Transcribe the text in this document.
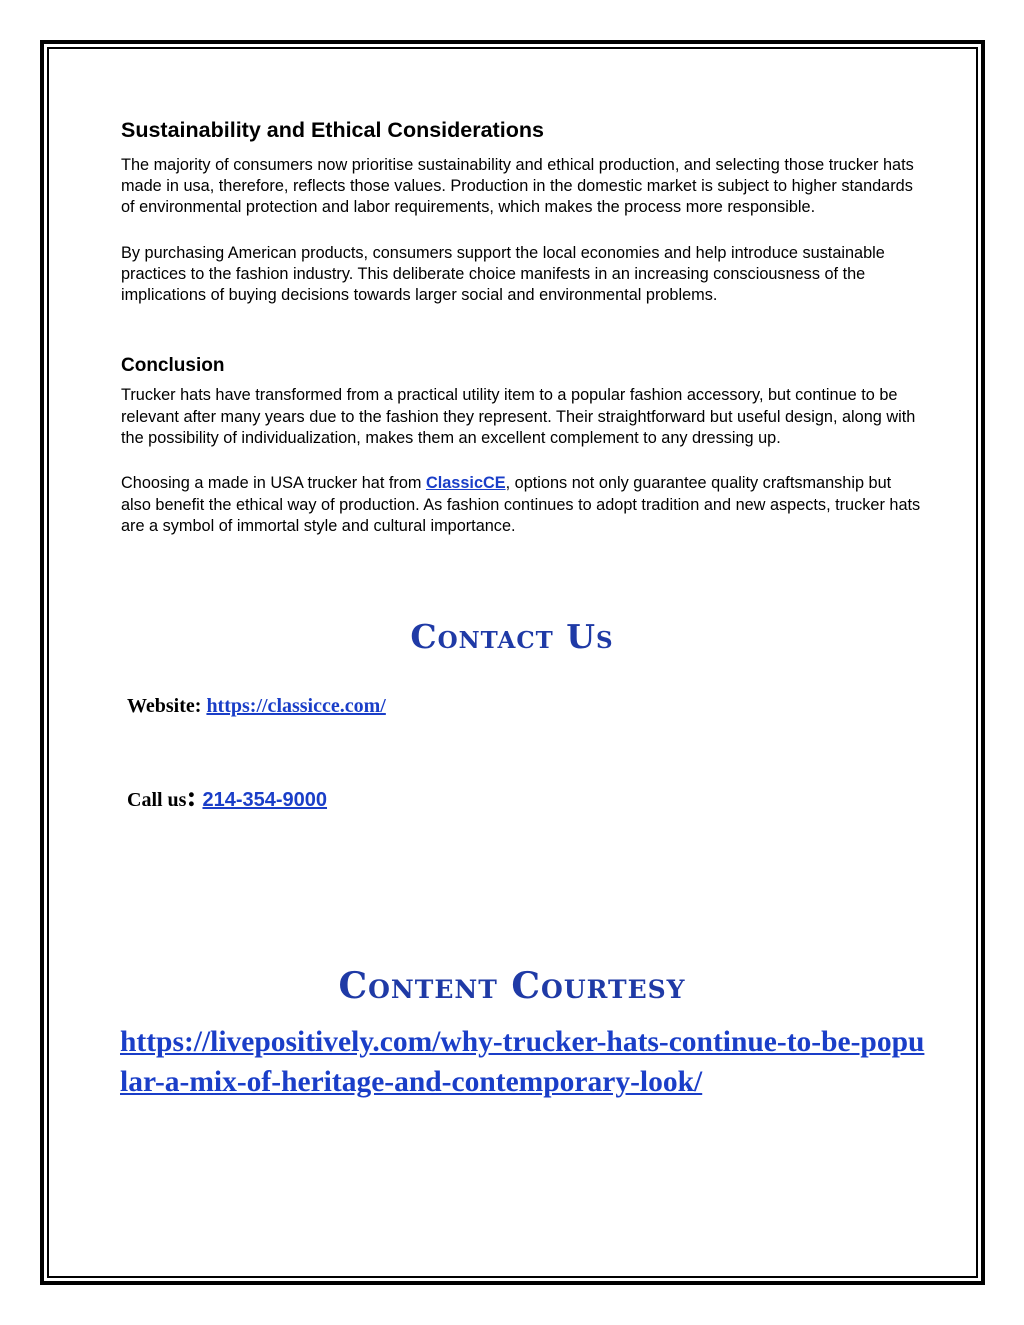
Sustainability and Ethical Considerations

The majority of consumers now prioritise sustainability and ethical production, and selecting those trucker hats made in usa, therefore, reflects those values. Production in the domestic market is subject to higher standards of environmental protection and labor requirements, which makes the process more responsible.

By purchasing American products, consumers support the local economies and help introduce sustainable practices to the fashion industry. This deliberate choice manifests in an increasing consciousness of the implications of buying decisions towards larger social and environmental problems.

Conclusion

Trucker hats have transformed from a practical utility item to a popular fashion accessory, but continue to be relevant after many years due to the fashion they represent. Their straightforward but useful design, along with the possibility of individualization, makes them an excellent complement to any dressing up.

Choosing a made in USA trucker hat from ClassicCE, options not only guarantee quality craftsmanship but also benefit the ethical way of production. As fashion continues to adopt tradition and new aspects, trucker hats are a symbol of immortal style and cultural importance.

Contact Us
Website: https://classicce.com/
Call us: 214-354-9000
Content Courtesy
https://livepositively.com/why-trucker-hats-continue-to-be-popular-a-mix-of-heritage-and-contemporary-look/
